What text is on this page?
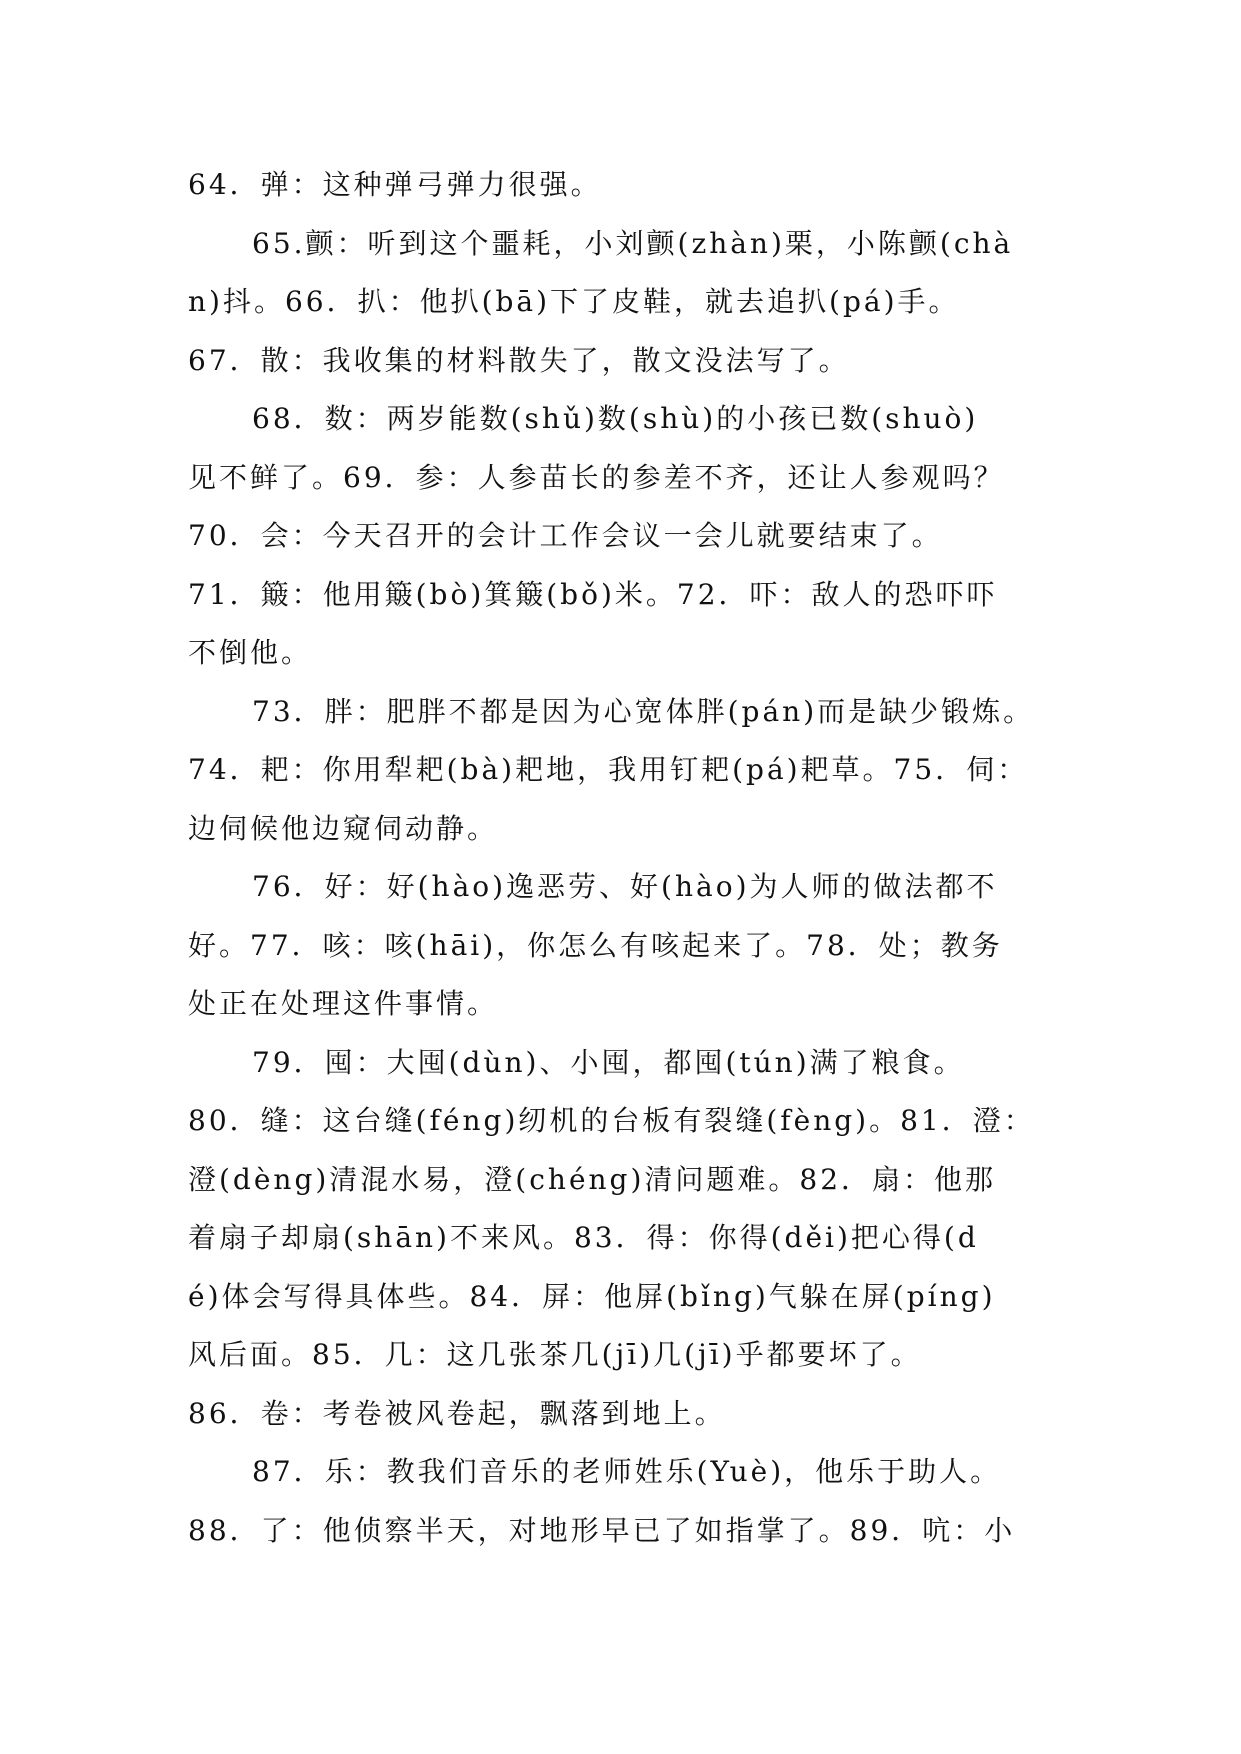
64．弹：这种弹弓弹力很强。
65.颤：听到这个噩耗，小刘颤(zhàn)栗，小陈颤(chà
n)抖。66．扒：他扒(bā)下了皮鞋，就去追扒(pá)手。
67．散：我收集的材料散失了，散文没法写了。
68．数：两岁能数(shǔ)数(shù)的小孩已数(shuò)
见不鲜了。69．参：人参苗长的参差不齐，还让人参观吗？
70．会：今天召开的会计工作会议一会儿就要结束了。
71．簸：他用簸(bò)箕簸(bǒ)米。72．吓：敌人的恐吓吓
不倒他。
73．胖：肥胖不都是因为心宽体胖(pán)而是缺少锻炼。
74．耙：你用犁耙(bà)耙地，我用钉耙(pá)耙草。75．伺：
边伺候他边窥伺动静。
76．好：好(hào)逸恶劳、好(hào)为人师的做法都不
好。77．咳：咳(hāi)，你怎么有咳起来了。78．处；教务
处正在处理这件事情。
79．囤：大囤(dùn)、小囤，都囤(tún)满了粮食。
80．缝：这台缝(féng)纫机的台板有裂缝(fèng)。81．澄：
澄(dèng)清混水易，澄(chéng)清问题难。82．扇：他那
着扇子却扇(shān)不来风。83．得：你得(děi)把心得(d
é)体会写得具体些。84．屏：他屏(bǐng)气躲在屏(píng)
风后面。85．几：这几张茶几(jī)几(jī)乎都要坏了。
86．卷：考卷被风卷起，飘落到地上。
87．乐：教我们音乐的老师姓乐(Yuè)，他乐于助人。
88．了：他侦察半天，对地形早已了如指掌了。89．吭：小
